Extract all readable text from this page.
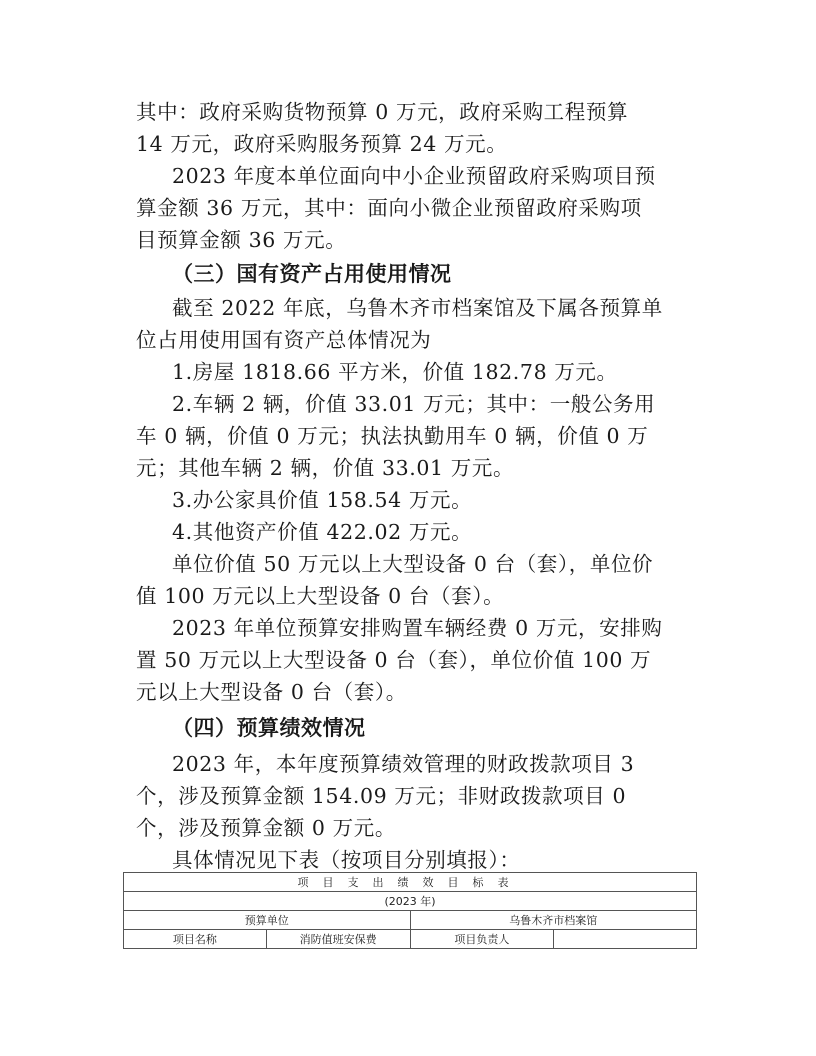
其中：政府采购货物预算 0 万元，政府采购工程预算

14 万元，政府采购服务预算 24 万元。

2023 年度本单位面向中小企业预留政府采购项目预

算金额 36 万元，其中：面向小微企业预留政府采购项

目预算金额 36 万元。

（三）国有资产占用使用情况

截至 2022 年底，乌鲁木齐市档案馆及下属各预算单

位占用使用国有资产总体情况为

1.房屋 1818.66 平方米，价值 182.78 万元。

2.车辆 2 辆，价值 33.01 万元；其中：一般公务用

车 0 辆，价值 0 万元；执法执勤用车 0 辆，价值 0 万

元；其他车辆 2 辆，价值 33.01 万元。

3.办公家具价值 158.54 万元。

4.其他资产价值 422.02 万元。

单位价值 50 万元以上大型设备 0 台（套），单位价

值 100 万元以上大型设备 0 台（套）。

2023 年单位预算安排购置车辆经费 0 万元，安排购

置 50 万元以上大型设备 0 台（套），单位价值 100 万

元以上大型设备 0 台（套）。

（四）预算绩效情况

2023 年，本年度预算绩效管理的财政拨款项目 3

个，涉及预算金额 154.09 万元；非财政拨款项目 0

个，涉及预算金额 0 万元。

具体情况见下表（按项目分别填报）：

项目支出绩效目标表			
(2023 年)			
预算单位		乌鲁木齐市档案馆	
项目名称	消防值班安保费	项目负责人	
